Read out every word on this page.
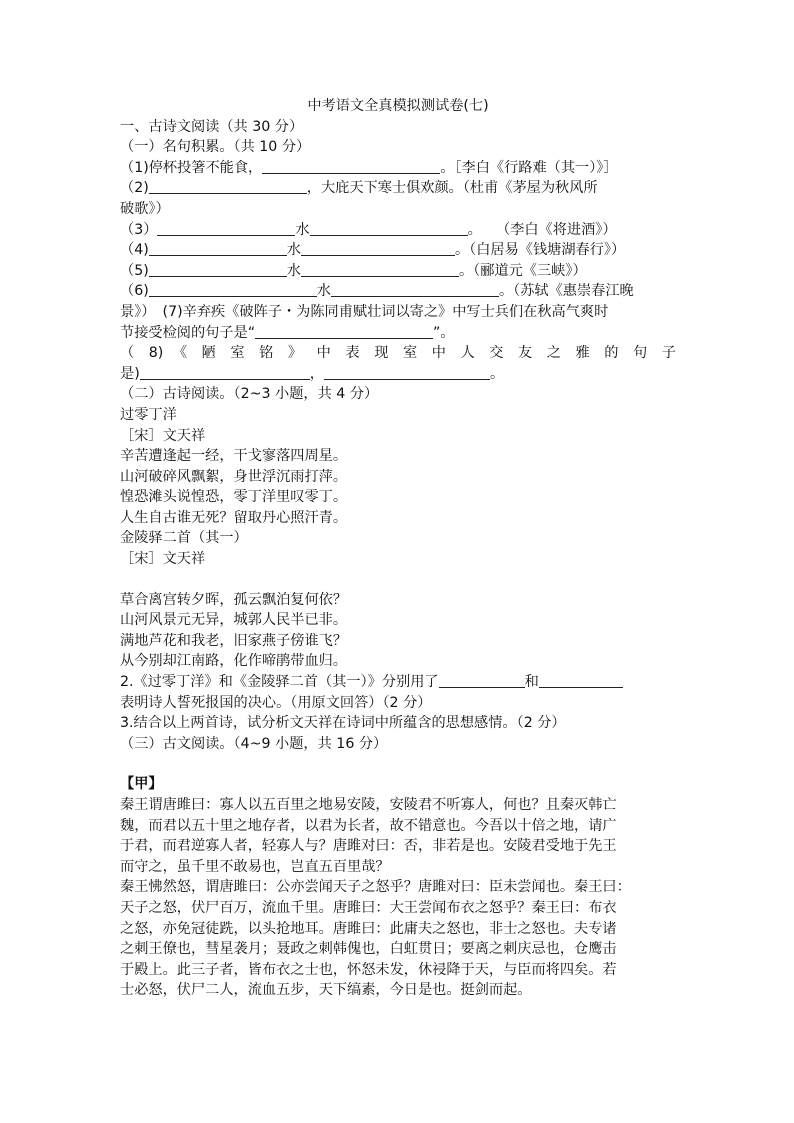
中考语文全真模拟测试卷(七)
一、古诗文阅读（共 30 分）
（一）名句积累。（共 10 分）
（1)停杯投箸不能食，	。［李白《行路难（其一）》］
（2)	，大庇天下寒士俱欢颜。（杜甫《茅屋为秋风所
破歌》）
（3）	水	。　　（李白《将进酒》）
（4)	水	。（白居易《钱塘湖春行》）
（5)	水	。（郦道元《三峡》）
（6)	水	。（苏轼《惠崇春江晚
景》）　(7)辛弃疾《破阵子・为陈同甫赋壮词以寄之》中写士兵们在秋高气爽时
节接受检阅的句子是“	”。
（ 8) 《 陋 室 铭 》 中 表 现 室 中 人 交 友 之 雅 的 句 子
是)	，	。
（二）古诗阅读。（2~3 小题，共 4 分）
过零丁洋
［宋］文天祥
辛苦遭逢起一经，干戈寥落四周星。
山河破碎风飘絮，身世浮沉雨打萍。
惶恐滩头说惶恐，零丁洋里叹零丁。
人生自古谁无死？留取丹心照汗青。
金陵驿二首（其一）
［宋］文天祥
草合离宫转夕晖，孤云飘泊复何依？
山河风景元无异，城郭人民半已非。
满地芦花和我老，旧家燕子傍谁飞？
从今别却江南路，化作啼鹃带血归。
2.《过零丁洋》和《金陵驿二首（其一）》分别用了	和
表明诗人誓死报国的决心。（用原文回答）（2 分）
3.结合以上两首诗，试分析文天祥在诗词中所蕴含的思想感情。（2 分）
（三）古文阅读。（4~9 小题，共 16 分）
【甲】
秦王谓唐雎曰：寡人以五百里之地易安陵，安陵君不听寡人，何也？且秦灭韩亡
魏，而君以五十里之地存者，以君为长者，故不错意也。今吾以十倍之地，请广
于君，而君逆寡人者，轻寡人与？唐雎对曰：否，非若是也。安陵君受地于先王
而守之，虽千里不敢易也，岂直五百里哉？
秦王怫然怒，谓唐雎曰：公亦尝闻天子之怒乎？唐雎对曰：臣未尝闻也。秦王曰：
天子之怒，伏尸百万，流血千里。唐雎曰：大王尝闻布衣之怒乎？秦王曰：布衣
之怒，亦免冠徒跣，以头抢地耳。唐雎曰：此庸夫之怒也，非士之怒也。夫专诸
之刺王僚也，彗星袭月；聂政之刺韩傀也，白虹贯日；要离之刺庆忌也，仓鹰击
于殿上。此三子者，皆布衣之士也，怀怒未发，休祲降于天，与臣而将四矣。若
士必怒，伏尸二人，流血五步，天下缟素，今日是也。挺剑而起。
